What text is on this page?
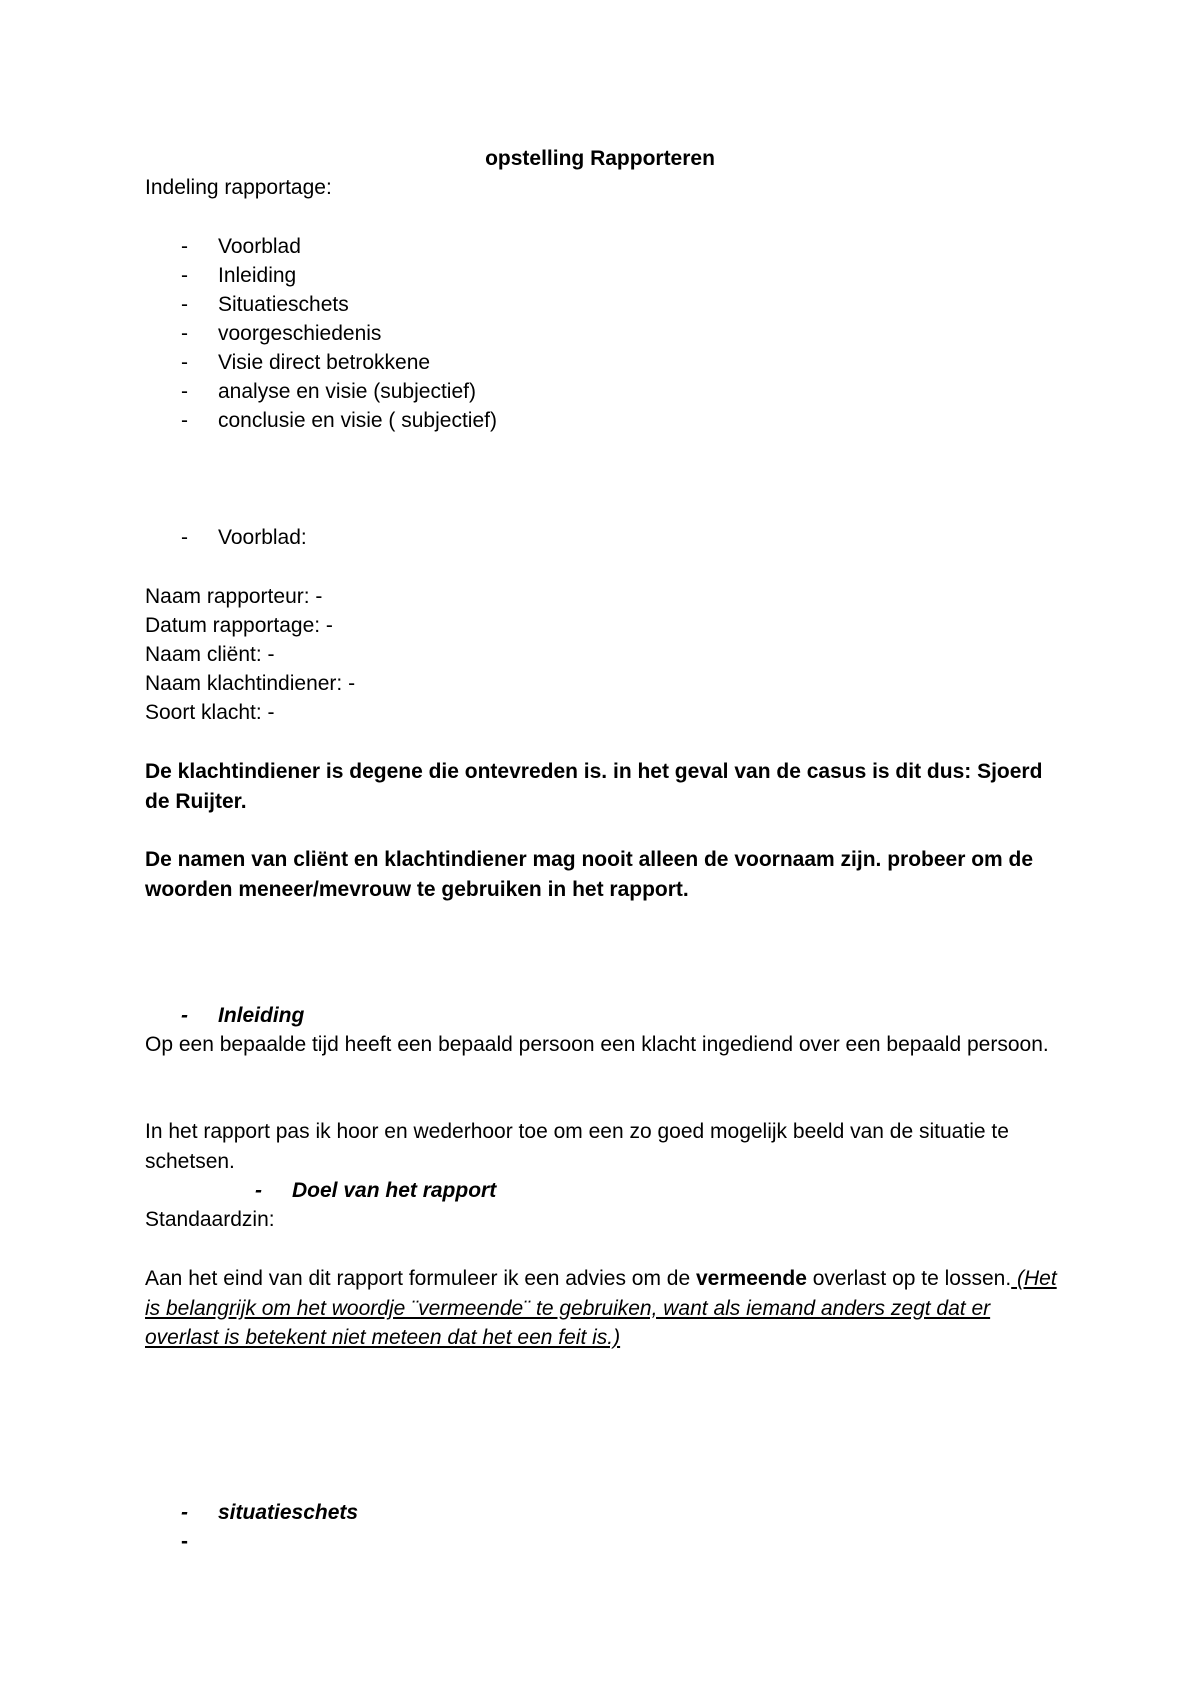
opstelling Rapporteren
Indeling rapportage:
- Voorblad
- Inleiding
- Situatieschets
- voorgeschiedenis
- Visie direct betrokkene
- analyse en visie (subjectief)
- conclusie en visie ( subjectief)
- Voorblad:
Naam rapporteur: -
Datum rapportage: -
Naam cliënt: -
Naam klachtindiener: -
Soort klacht: -
De klachtindiener is degene die ontevreden is. in het geval van de casus is dit dus: Sjoerd de Ruijter.
De namen van cliënt en klachtindiener mag nooit alleen de voornaam zijn. probeer om de woorden meneer/mevrouw te gebruiken in het rapport.
- Inleiding
Op een bepaalde tijd heeft een bepaald persoon een klacht ingediend over een bepaald persoon.
In het rapport pas ik hoor en wederhoor toe om een zo goed mogelijk beeld van de situatie te schetsen.
- Doel van het rapport
Standaardzin:
Aan het eind van dit rapport formuleer ik een advies om de vermeende overlast op te lossen. (Het is belangrijk om het woordje ¨vermeende¨ te gebruiken, want als iemand anders zegt dat er overlast is betekent niet meteen dat het een feit is.)
- situatieschets
-
